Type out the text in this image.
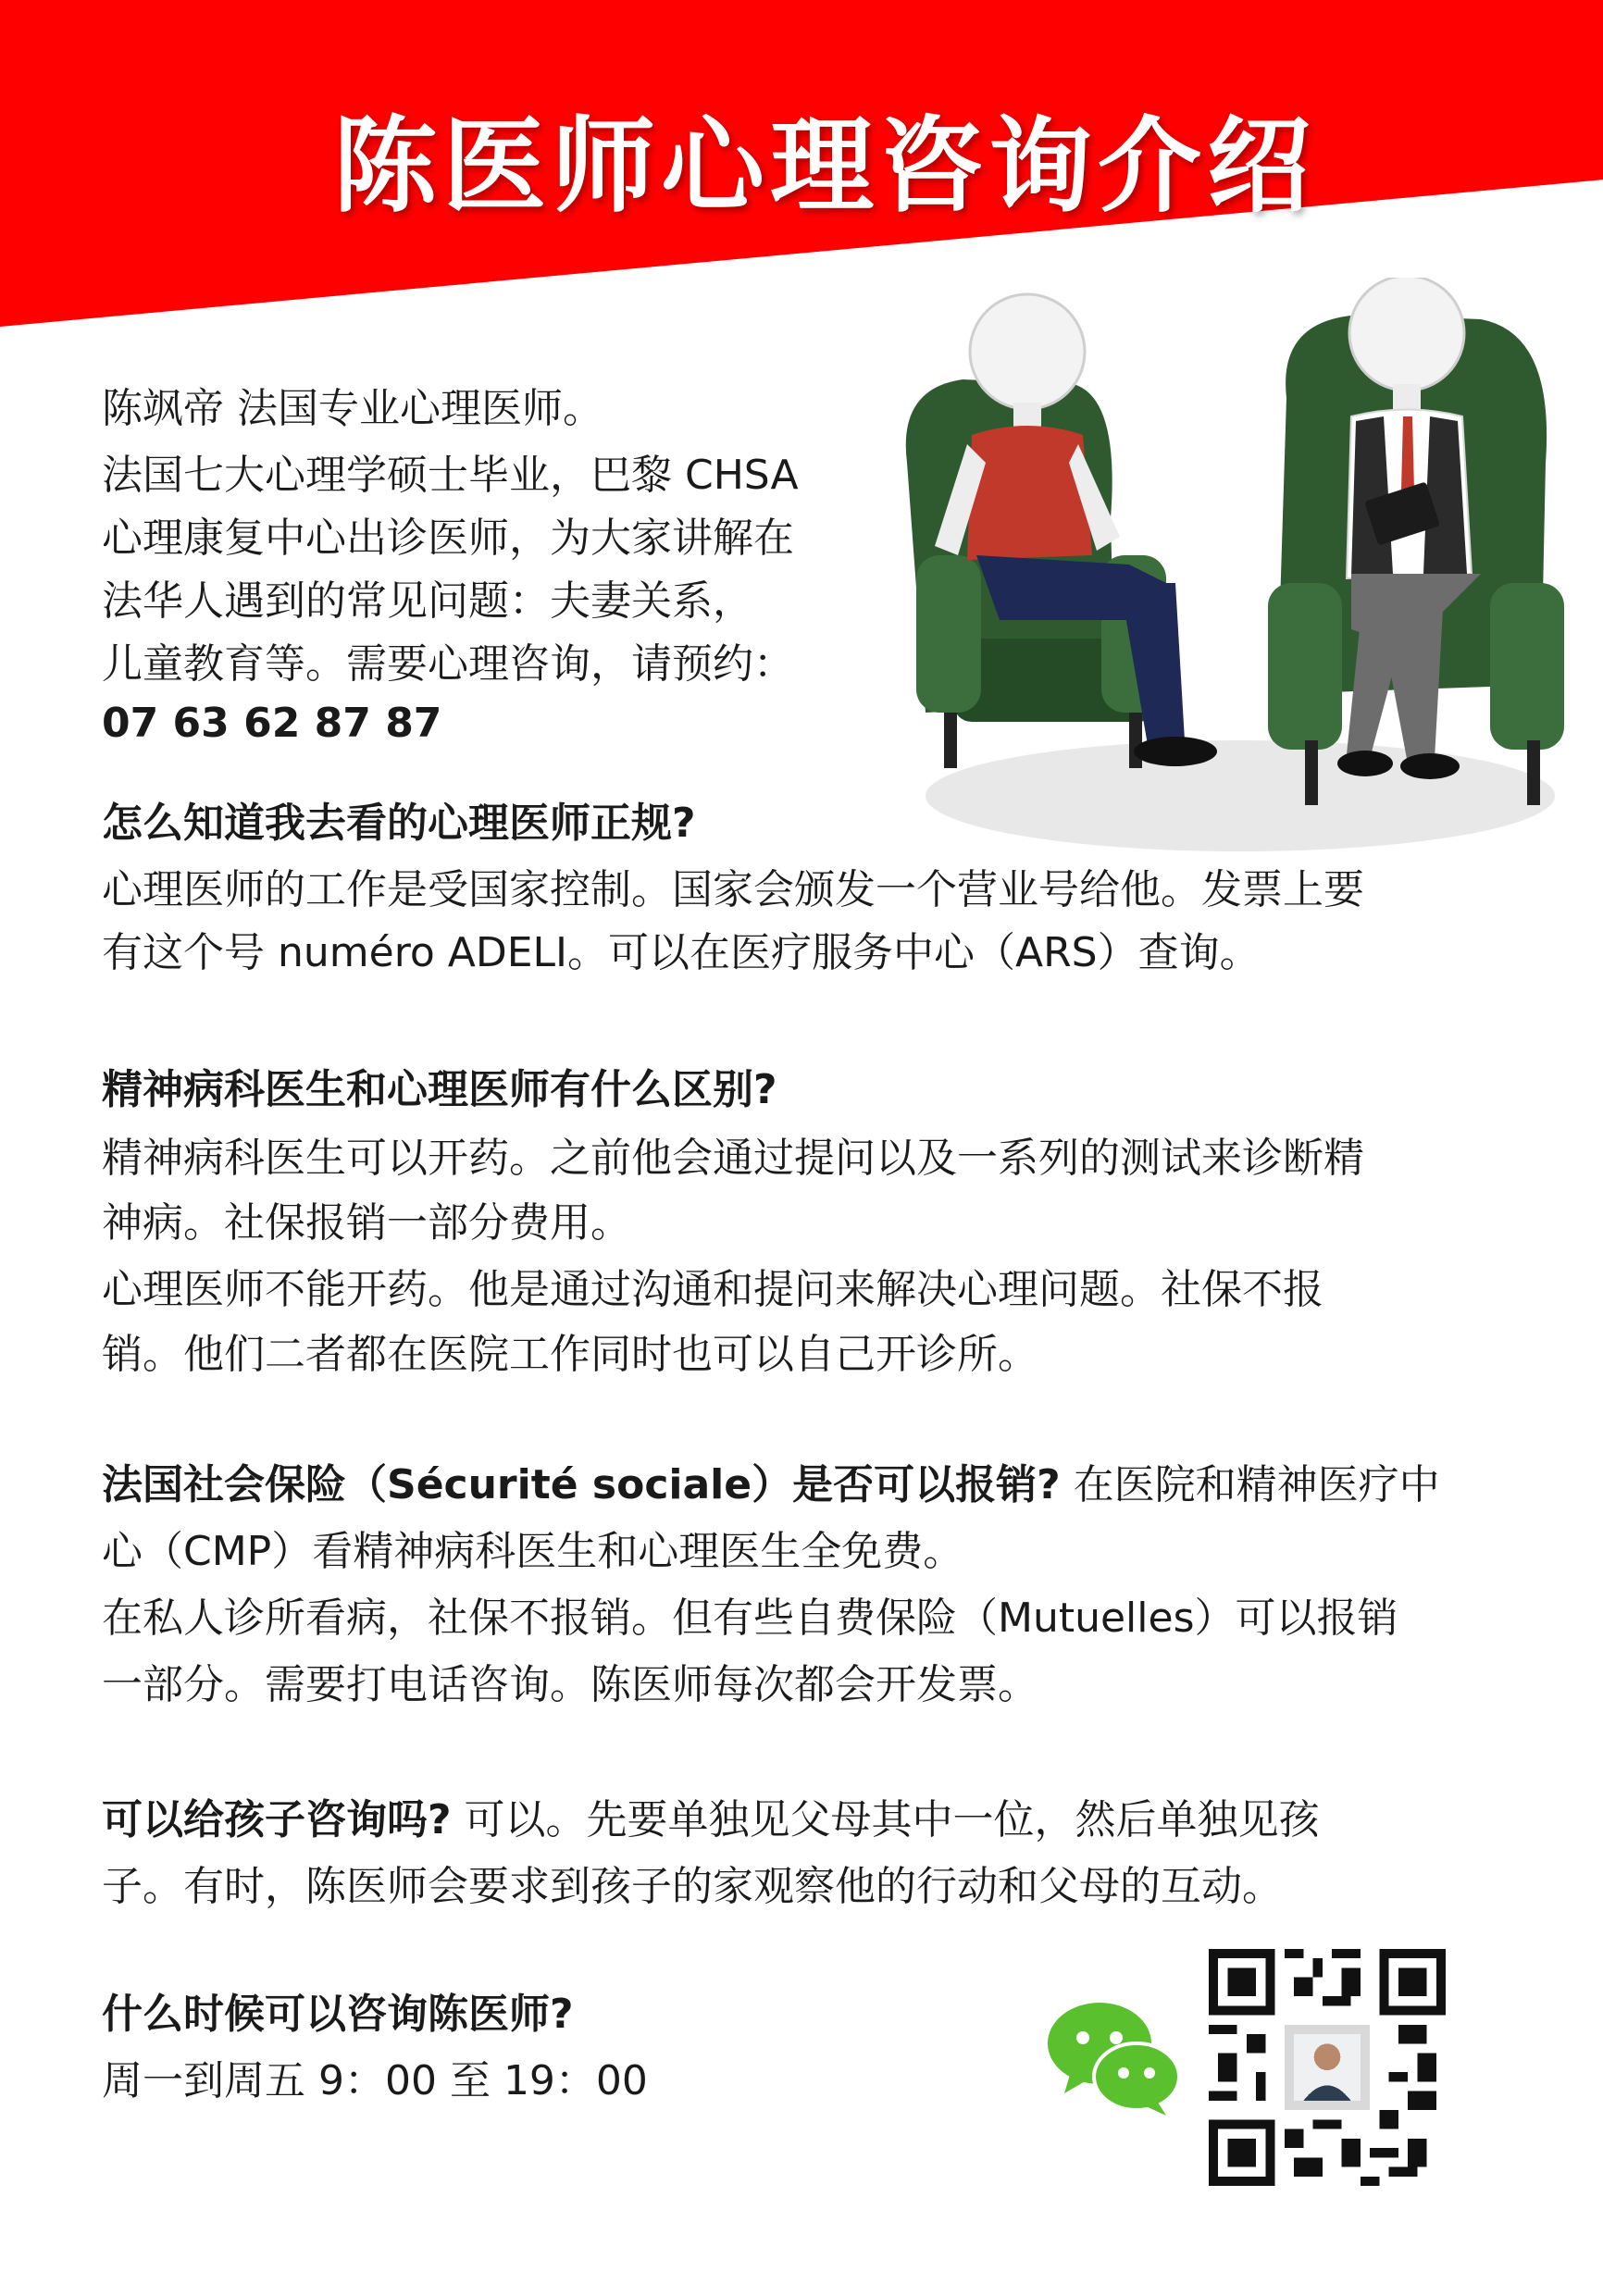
陈医师心理咨询介绍
陈飒帝 法国专业心理医师。
法国七大心理学硕士毕业，巴黎 CHSA
心理康复中心出诊医师，为大家讲解在
法华人遇到的常见问题：夫妻关系，
儿童教育等。需要心理咨询，请预约：
07 63 62 87 87
怎么知道我去看的心理医师正规?
心理医师的工作是受国家控制。国家会颁发一个营业号给他。发票上要
有这个号 numéro ADELI。可以在医疗服务中心（ARS）查询。
精神病科医生和心理医师有什么区别?
精神病科医生可以开药。之前他会通过提问以及一系列的测试来诊断精
神病。社保报销一部分费用。
心理医师不能开药。他是通过沟通和提问来解决心理问题。社保不报
销。他们二者都在医院工作同时也可以自己开诊所。
法国社会保险（Sécurité sociale）是否可以报销? 在医院和精神医疗中
心（CMP）看精神病科医生和心理医生全免费。
在私人诊所看病，社保不报销。但有些自费保险（Mutuelles）可以报销
一部分。需要打电话咨询。陈医师每次都会开发票。
可以给孩子咨询吗? 可以。先要单独见父母其中一位，然后单独见孩
子。有时，陈医师会要求到孩子的家观察他的行动和父母的互动。
什么时候可以咨询陈医师?
周一到周五 9：00 至 19：00
